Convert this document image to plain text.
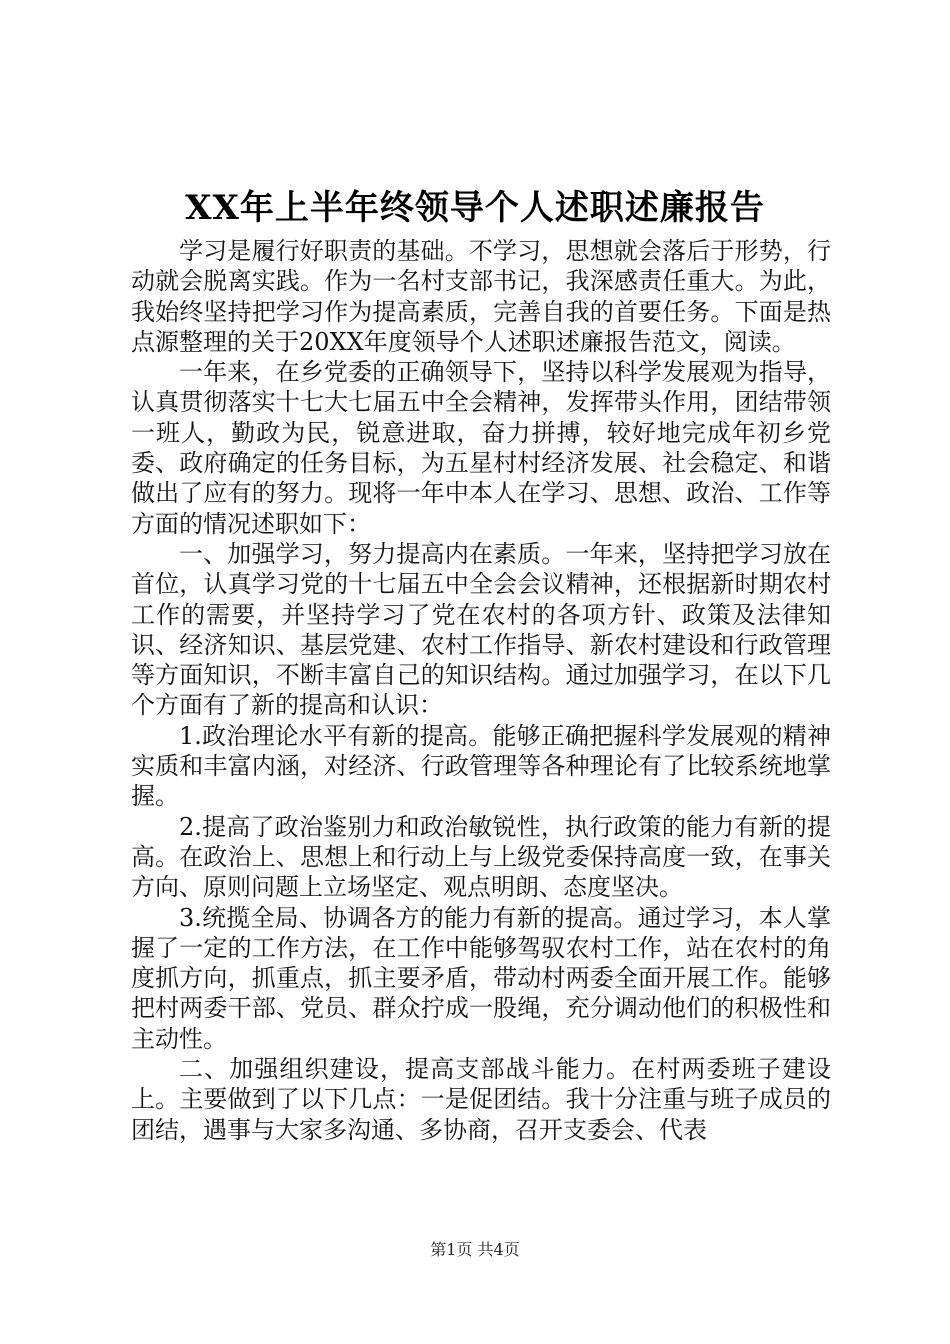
XX年上半年终领导个人述职述廉报告

学习是履行好职责的基础。不学习，思想就会落后于形势，行动就会脱离实践。作为一名村支部书记，我深感责任重大。为此，我始终坚持把学习作为提高素质，完善自我的首要任务。下面是热点源整理的关于20XX年度领导个人述职述廉报告范文，阅读。

一年来，在乡党委的正确领导下，坚持以科学发展观为指导，认真贯彻落实十七大七届五中全会精神，发挥带头作用，团结带领一班人，勤政为民，锐意进取，奋力拼搏，较好地完成年初乡党委、政府确定的任务目标，为五星村村经济发展、社会稳定、和谐做出了应有的努力。现将一年中本人在学习、思想、政治、工作等方面的情况述职如下：

一、加强学习，努力提高内在素质。一年来，坚持把学习放在首位，认真学习党的十七届五中全会会议精神，还根据新时期农村工作的需要，并坚持学习了党在农村的各项方针、政策及法律知识、经济知识、基层党建、农村工作指导、新农村建设和行政管理等方面知识，不断丰富自己的知识结构。通过加强学习，在以下几个方面有了新的提高和认识：

1.政治理论水平有新的提高。能够正确把握科学发展观的精神实质和丰富内涵，对经济、行政管理等各种理论有了比较系统地掌握。

2.提高了政治鉴别力和政治敏锐性，执行政策的能力有新的提高。在政治上、思想上和行动上与上级党委保持高度一致，在事关方向、原则问题上立场坚定、观点明朗、态度坚决。

3.统揽全局、协调各方的能力有新的提高。通过学习，本人掌握了一定的工作方法，在工作中能够驾驭农村工作，站在农村的角度抓方向，抓重点，抓主要矛盾，带动村两委全面开展工作。能够把村两委干部、党员、群众拧成一股绳，充分调动他们的积极性和主动性。

二、加强组织建设，提高支部战斗能力。在村两委班子建设上。主要做到了以下几点：一是促团结。我十分注重与班子成员的团结，遇事与大家多沟通、多协商，召开支委会、代表

第1页 共4页
